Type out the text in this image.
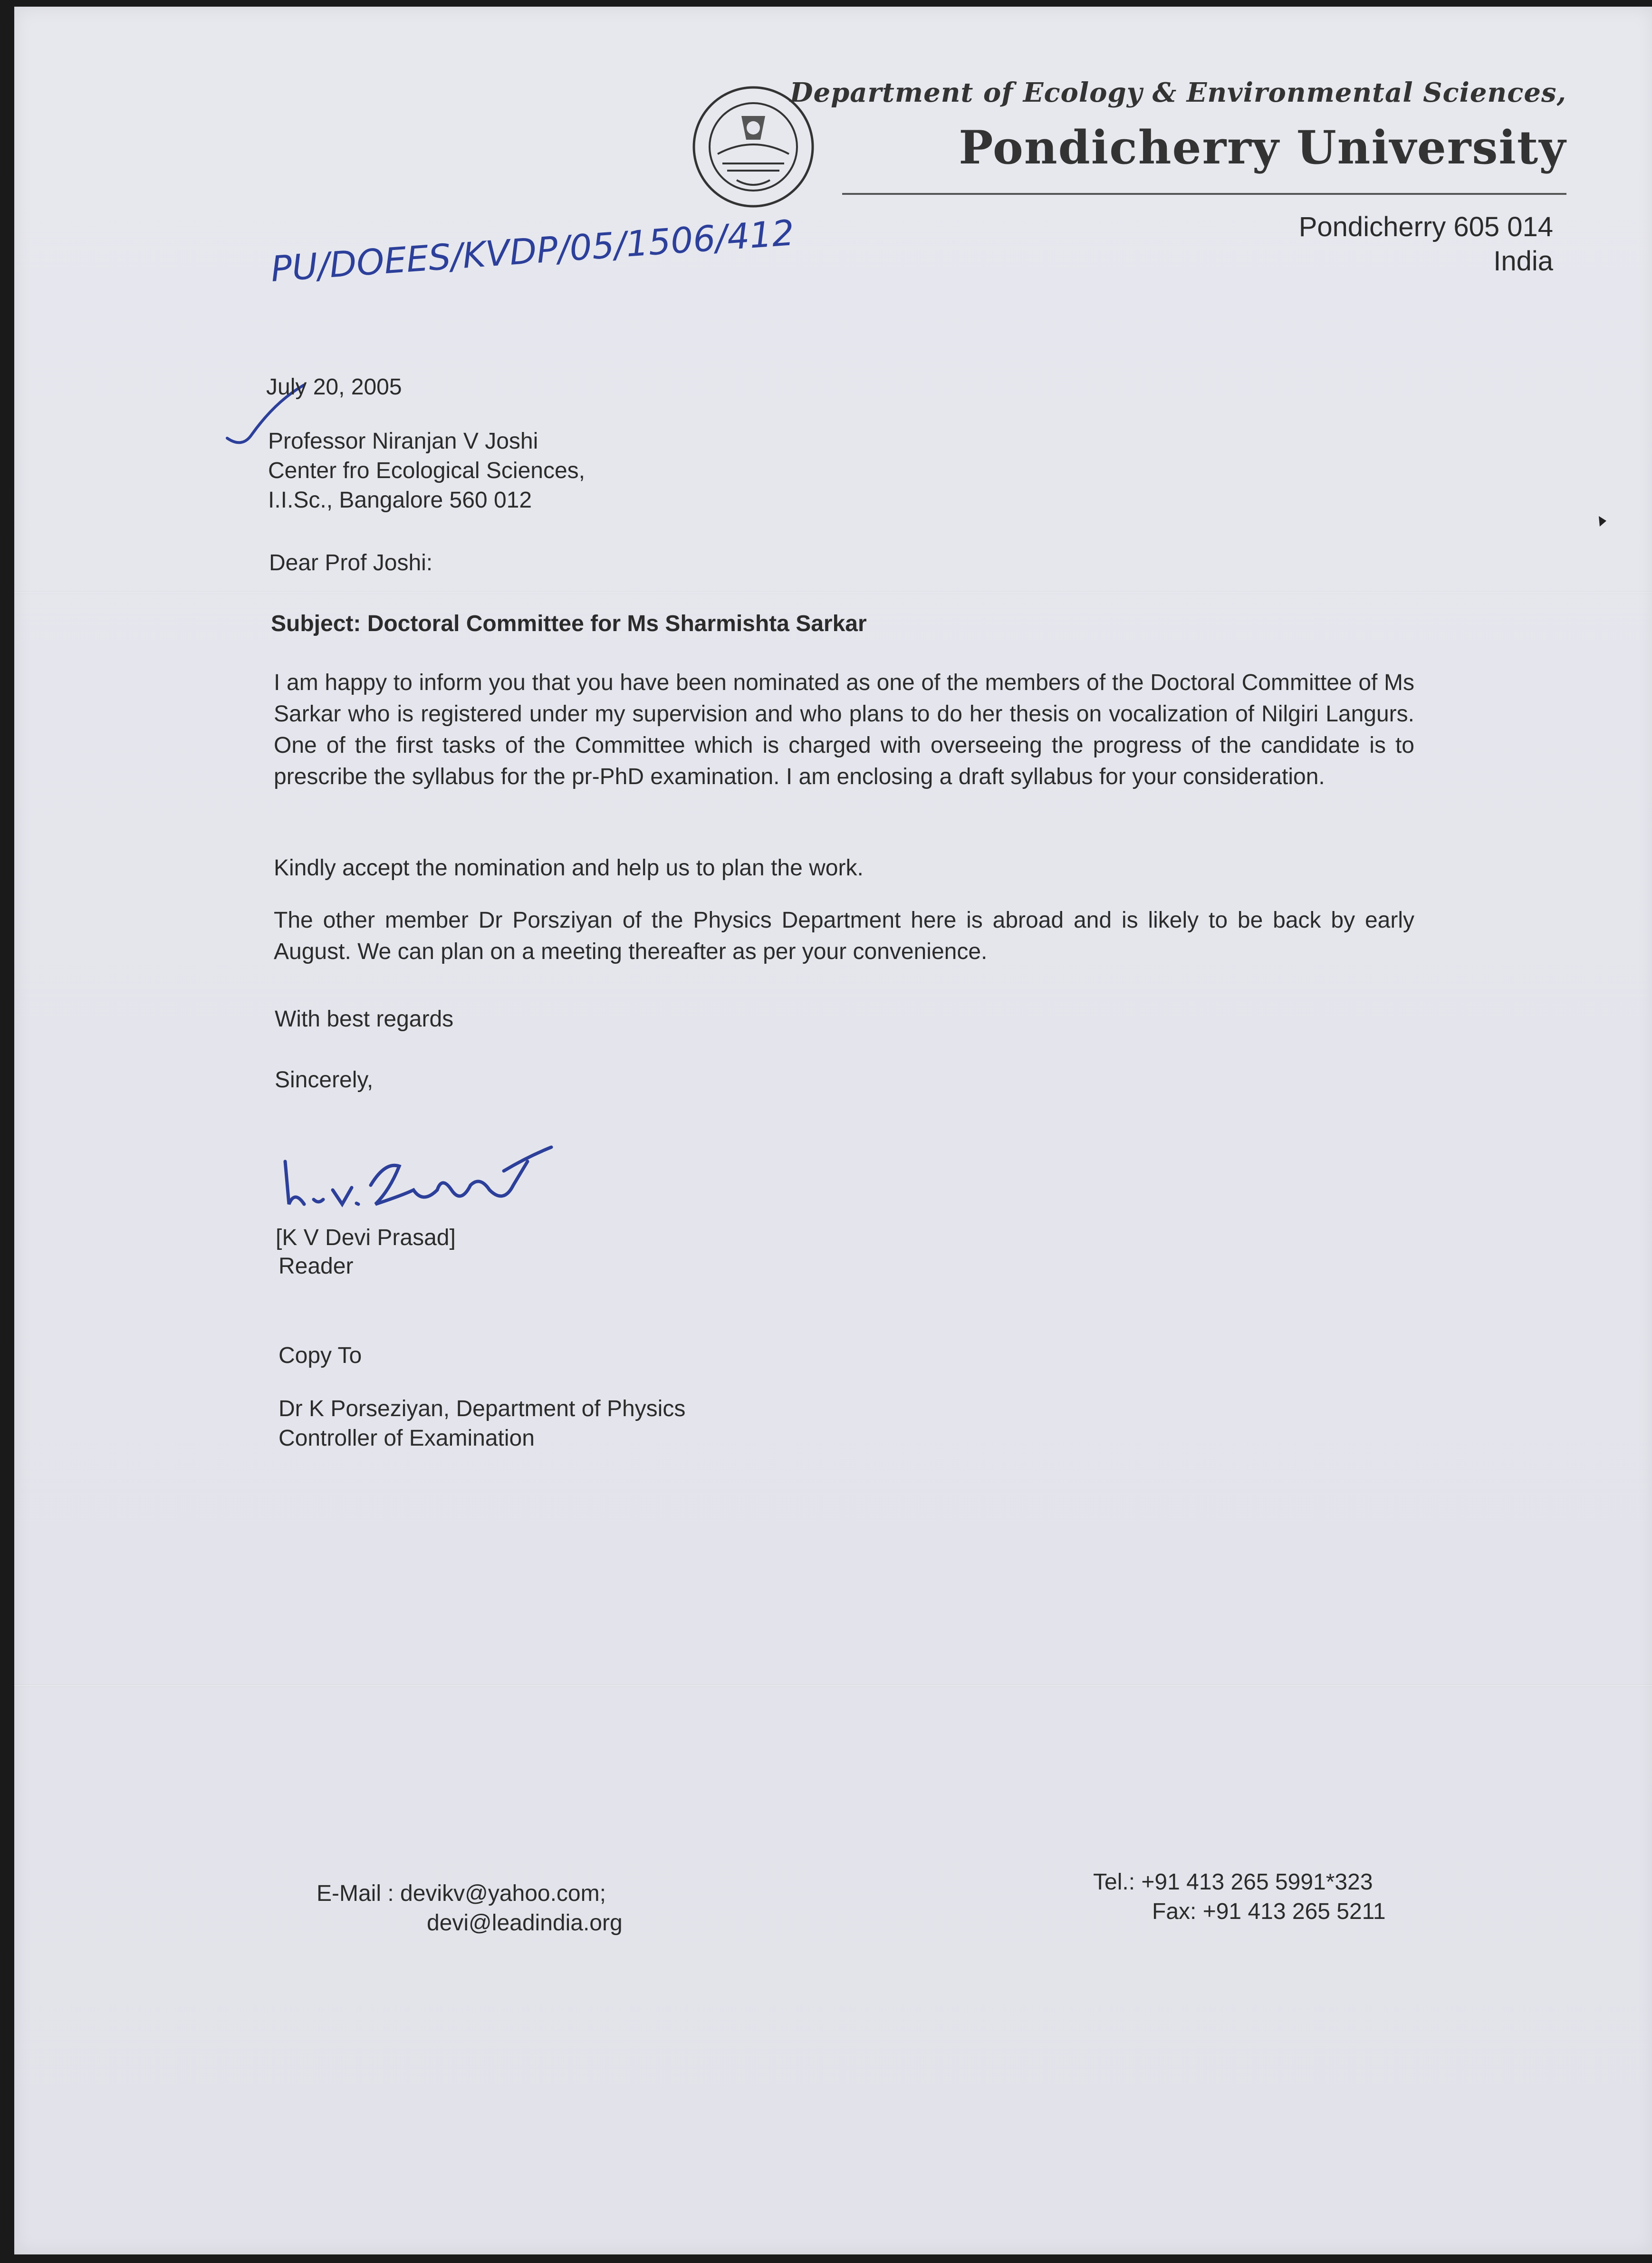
Department of Ecology & Environmental Sciences,
Pondicherry University
Pondicherry 605 014
India
PU/DOEES/KVDP/05/1506/412
July 20, 2005
Professor Niranjan V Joshi
Center fro Ecological Sciences,
I.I.Sc., Bangalore 560 012
Dear Prof Joshi:
Subject: Doctoral Committee for Ms Sharmishta Sarkar
I am happy to inform you that you have been nominated as one of the members of the Doctoral Committee of Ms Sarkar who is registered under my supervision and who plans to do her thesis on vocalization of Nilgiri Langurs. One of the first tasks of the Committee which is charged with overseeing the progress of the candidate is to prescribe the syllabus for the pr-PhD examination. I am enclosing a draft syllabus for your consideration.
Kindly accept the nomination and help us to plan the work.
The other member Dr Porsziyan of the Physics Department here is abroad and is likely to be back by early August. We can plan on a meeting thereafter as per your convenience.
With best regards
Sincerely,
[K V Devi Prasad]
Reader
Copy To
Dr K Porseziyan, Department of Physics
Controller of Examination
E-Mail : devikv@yahoo.com;
devi@leadindia.org
Tel.: +91 413 265 5991*323
Fax: +91 413 265 5211
